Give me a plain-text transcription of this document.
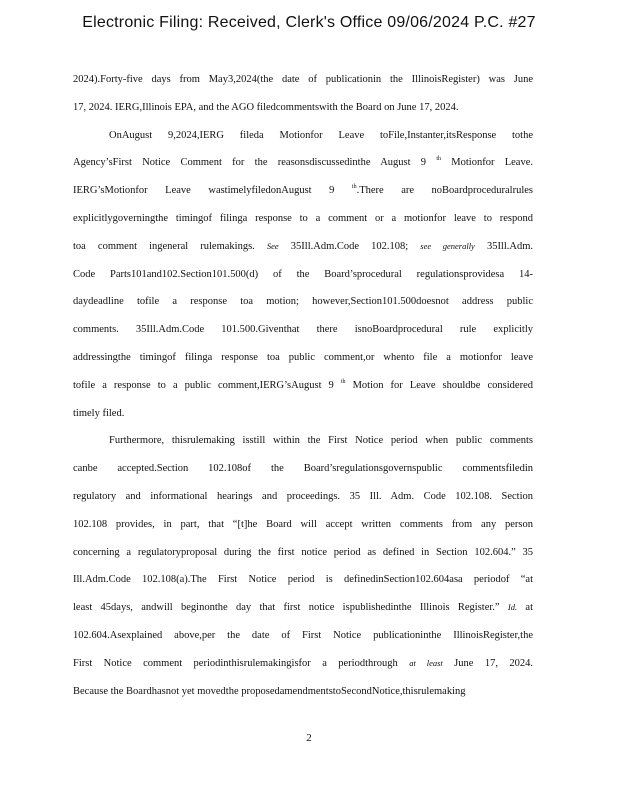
Electronic Filing: Received, Clerk's Office 09/06/2024 P.C. #27
2024).Forty-five days from May3,2024(the date of publicationin the IllinoisRegister) was June
17, 2024. IERG,Illinois EPA, and the AGO filedcommentswith the Board on June 17, 2024.
OnAugust 9,2024,IERG fileda Motionfor Leave toFile,Instanter,itsResponse tothe
Agency’sFirst Notice Comment for the reasonsdiscussedinthe August 9 $^{th}$ Motionfor Leave.
IERG’sMotionfor Leave wastimelyfiledonAugust 9	$^{th}$.There are noBoardproceduralrules
explicitlygoverningthe timingof filinga response to a comment or a motionfor leave to respond
toa comment ingeneral rulemakings. See 35Ill.Adm.Code 102.108; see generally 35Ill.Adm.
Code Parts101and102.Section101.500(d) of the Board’sprocedural regulationsprovidesa 14-
daydeadline tofile a response toa motion; however,Section101.500doesnot address public
comments. 35Ill.Adm.Code 101.500.Giventhat there isnoBoardprocedural rule explicitly
addressingthe timingof filinga response toa public comment,or whento file a motionfor leave
tofile a response to a public comment,IERG’sAugust 9 $^{th}$ Motion for Leave shouldbe considered
timely filed.
Furthermore, thisrulemaking isstill within the First Notice period when public comments
canbe accepted.Section 102.108of the Board’sregulationsgovernspublic commentsfiledin
regulatory and informational hearings and proceedings. 35 Ill. Adm. Code 102.108. Section
102.108 provides, in part, that “[t]he Board will accept written comments from any person
concerning a regulatoryproposal during the first notice period as defined in Section 102.604.” 35
Ill.Adm.Code 102.108(a).The First Notice period is definedinSection102.604asa periodof “at
least 45days, andwill beginonthe day that first notice ispublishedinthe Illinois Register.” Id. at
102.604.Asexplained above,per the date of First Notice publicationinthe IllinoisRegister,the
First Notice comment periodinthisrulemakingisfor a periodthrough at least June 17, 2024.
Because the Boardhasnot yet movedthe proposedamendmentstoSecondNotice,thisrulemaking
2
